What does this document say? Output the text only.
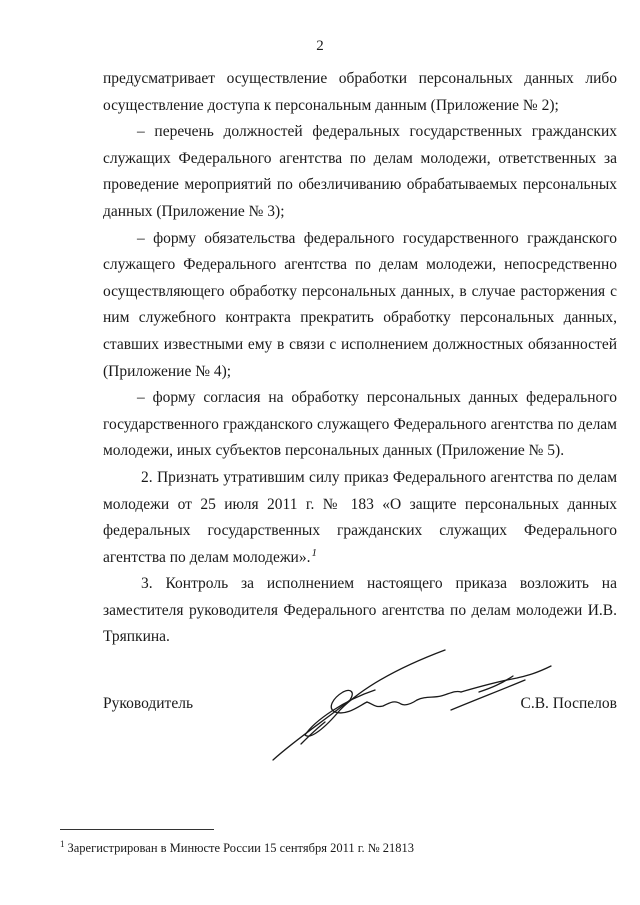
2

предусматривает осуществление обработки персональных данных либо осуществление доступа к персональным данным (Приложение № 2);

– перечень должностей федеральных государственных гражданских служащих Федерального агентства по делам молодежи, ответственных за проведение мероприятий по обезличиванию обрабатываемых персональных данных (Приложение № 3);

– форму обязательства федерального государственного гражданского служащего Федерального агентства по делам молодежи, непосредственно осуществляющего обработку персональных данных, в случае расторжения с ним служебного контракта прекратить обработку персональных данных, ставших известными ему в связи с исполнением должностных обязанностей (Приложение № 4);

– форму согласия на обработку персональных данных федерального государственного гражданского служащего Федерального агентства по делам молодежи, иных субъектов персональных данных (Приложение № 5).

2. Признать утратившим силу приказ Федерального агентства по делам молодежи от 25 июля 2011 г. № 183 «О защите персональных данных федеральных государственных гражданских служащих Федерального агентства по делам молодежи».$^1$

3. Контроль за исполнением настоящего приказа возложить на заместителя руководителя Федерального агентства по делам молодежи И.В. Тряпкина.

Руководитель	С.В. Поспелов
$^1$ Зарегистрирован в Минюсте России 15 сентября 2011 г. № 21813
